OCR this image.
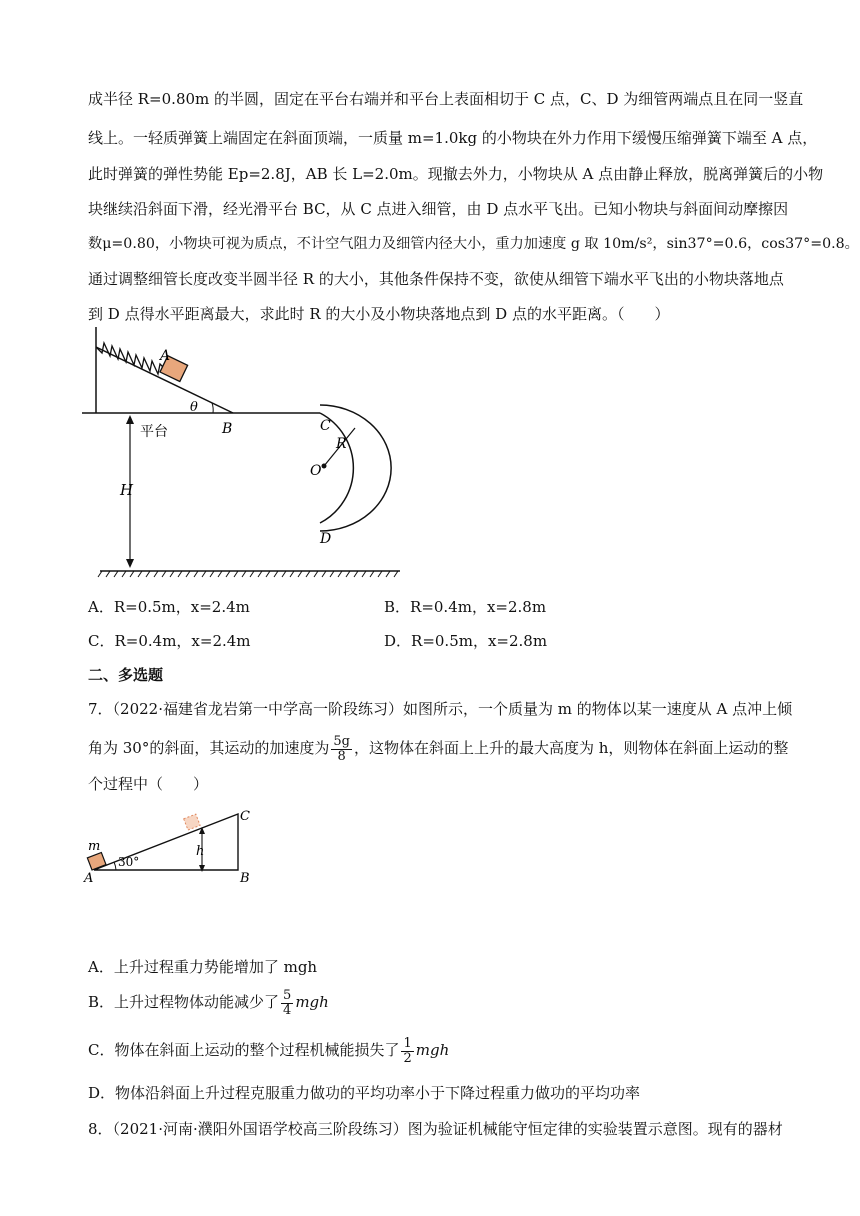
成半径 R=0.80m 的半圆，固定在平台右端并和平台上表面相切于 C 点，C、D 为细管两端点且在同一竖直
线上。一轻质弹簧上端固定在斜面顶端，一质量 m=1.0kg 的小物块在外力作用下缓慢压缩弹簧下端至 A 点，
此时弹簧的弹性势能 Ep=2.8J，AB 长 L=2.0m。现撤去外力，小物块从 A 点由静止释放，脱离弹簧后的小物
块继续沿斜面下滑，经光滑平台 BC，从 C 点进入细管，由 D 点水平飞出。已知小物块与斜面间动摩擦因
数μ=0.80，小物块可视为质点，不计空气阻力及细管内径大小，重力加速度 g 取 10m/s²，sin37°=0.6，cos37°=0.8。
通过调整细管长度改变半圆半径 R 的大小，其他条件保持不变，欲使从细管下端水平飞出的小物块落地点
到 D 点得水平距离最大，求此时 R 的大小及小物块落地点到 D 点的水平距离。（　　）
A
θ
B
平台	C
D
O
R
H
A．R=0.5m，x=2.4m	B．R=0.4m，x=2.8m
C．R=0.4m，x=2.4m	D．R=0.5m，x=2.8m
二、多选题
7．（2022·福建省龙岩第一中学高一阶段练习）如图所示，一个质量为 m 的物体以某一速度从 A 点冲上倾
角为 30°的斜面，其运动的加速度为 $\frac{5g}{8}$ ，这物体在斜面上上升的最大高度为 h，则物体在斜面上运动的整
个过程中（　　）
h
m
30°
A	B
C
A．上升过程重力势能增加了 mgh
B．上升过程物体动能减少了 $\frac{5}{4}$ mgh
C．物体在斜面上运动的整个过程机械能损失了 $\frac{1}{2}$ mgh
D．物体沿斜面上升过程克服重力做功的平均功率小于下降过程重力做功的平均功率
8．（2021·河南·濮阳外国语学校高三阶段练习）图为验证机械能守恒定律的实验装置示意图。现有的器材
